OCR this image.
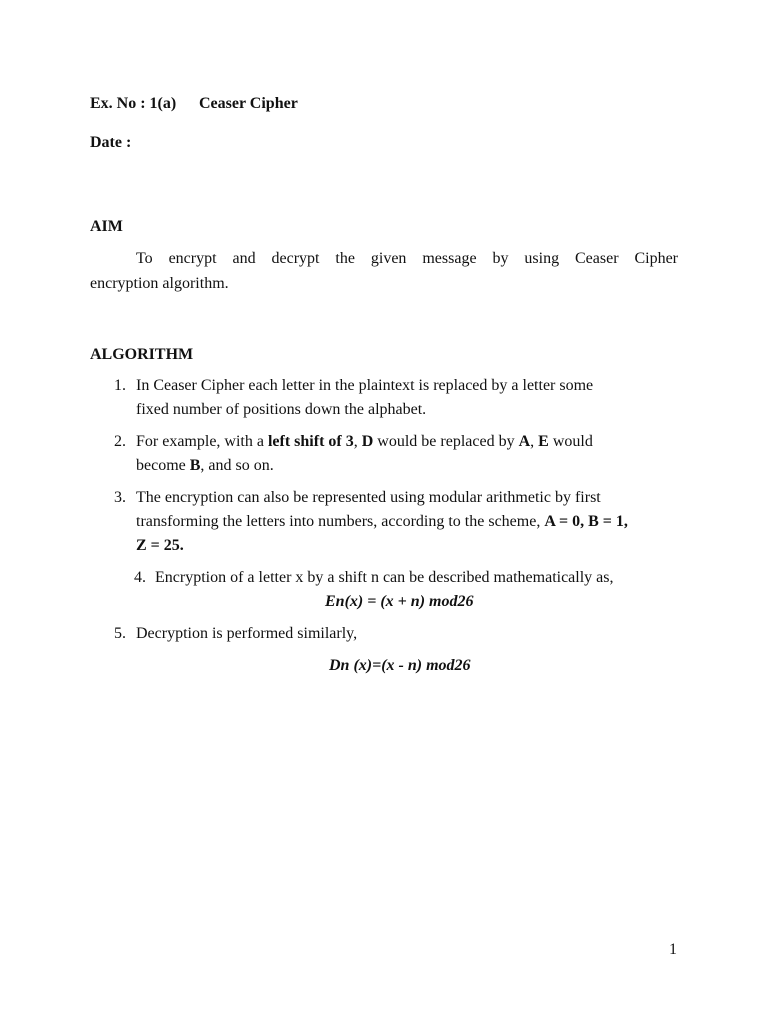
Ex. No : 1(a) Ceaser Cipher
Date :
AIM
To encrypt and decrypt the given message by using Ceaser Cipher
encryption algorithm.
ALGORITHM
1. In Ceaser Cipher each letter in the plaintext is replaced by a letter some
fixed number of positions down the alphabet.
2. For example, with a left shift of 3, D would be replaced by A, E would
become B, and so on.
3. The encryption can also be represented using modular arithmetic by first
transforming the letters into numbers, according to the scheme, A = 0, B = 1,
Z = 25.
4. Encryption of a letter x by a shift n can be described mathematically as,
En(x) = (x + n) mod26
5. Decryption is performed similarly,
Dn (x)=(x - n) mod26
1
